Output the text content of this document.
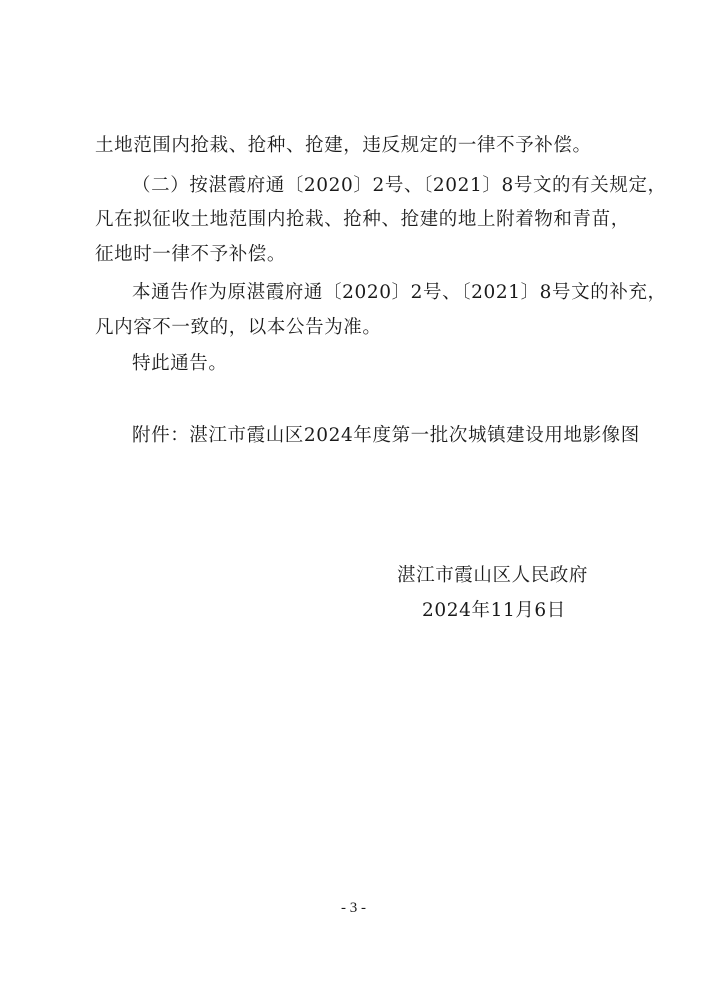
土地范围内抢栽、抢种、抢建，违反规定的一律不予补偿。
（二）按湛霞府通〔2020〕2号、〔2021〕8号文的有关规定，
凡在拟征收土地范围内抢栽、抢种、抢建的地上附着物和青苗，
征地时一律不予补偿。
本通告作为原湛霞府通〔2020〕2号、〔2021〕8号文的补充，
凡内容不一致的，以本公告为准。
特此通告。
附件：湛江市霞山区2024年度第一批次城镇建设用地影像图
湛江市霞山区人民政府
2024年11月6日
- 3 -
